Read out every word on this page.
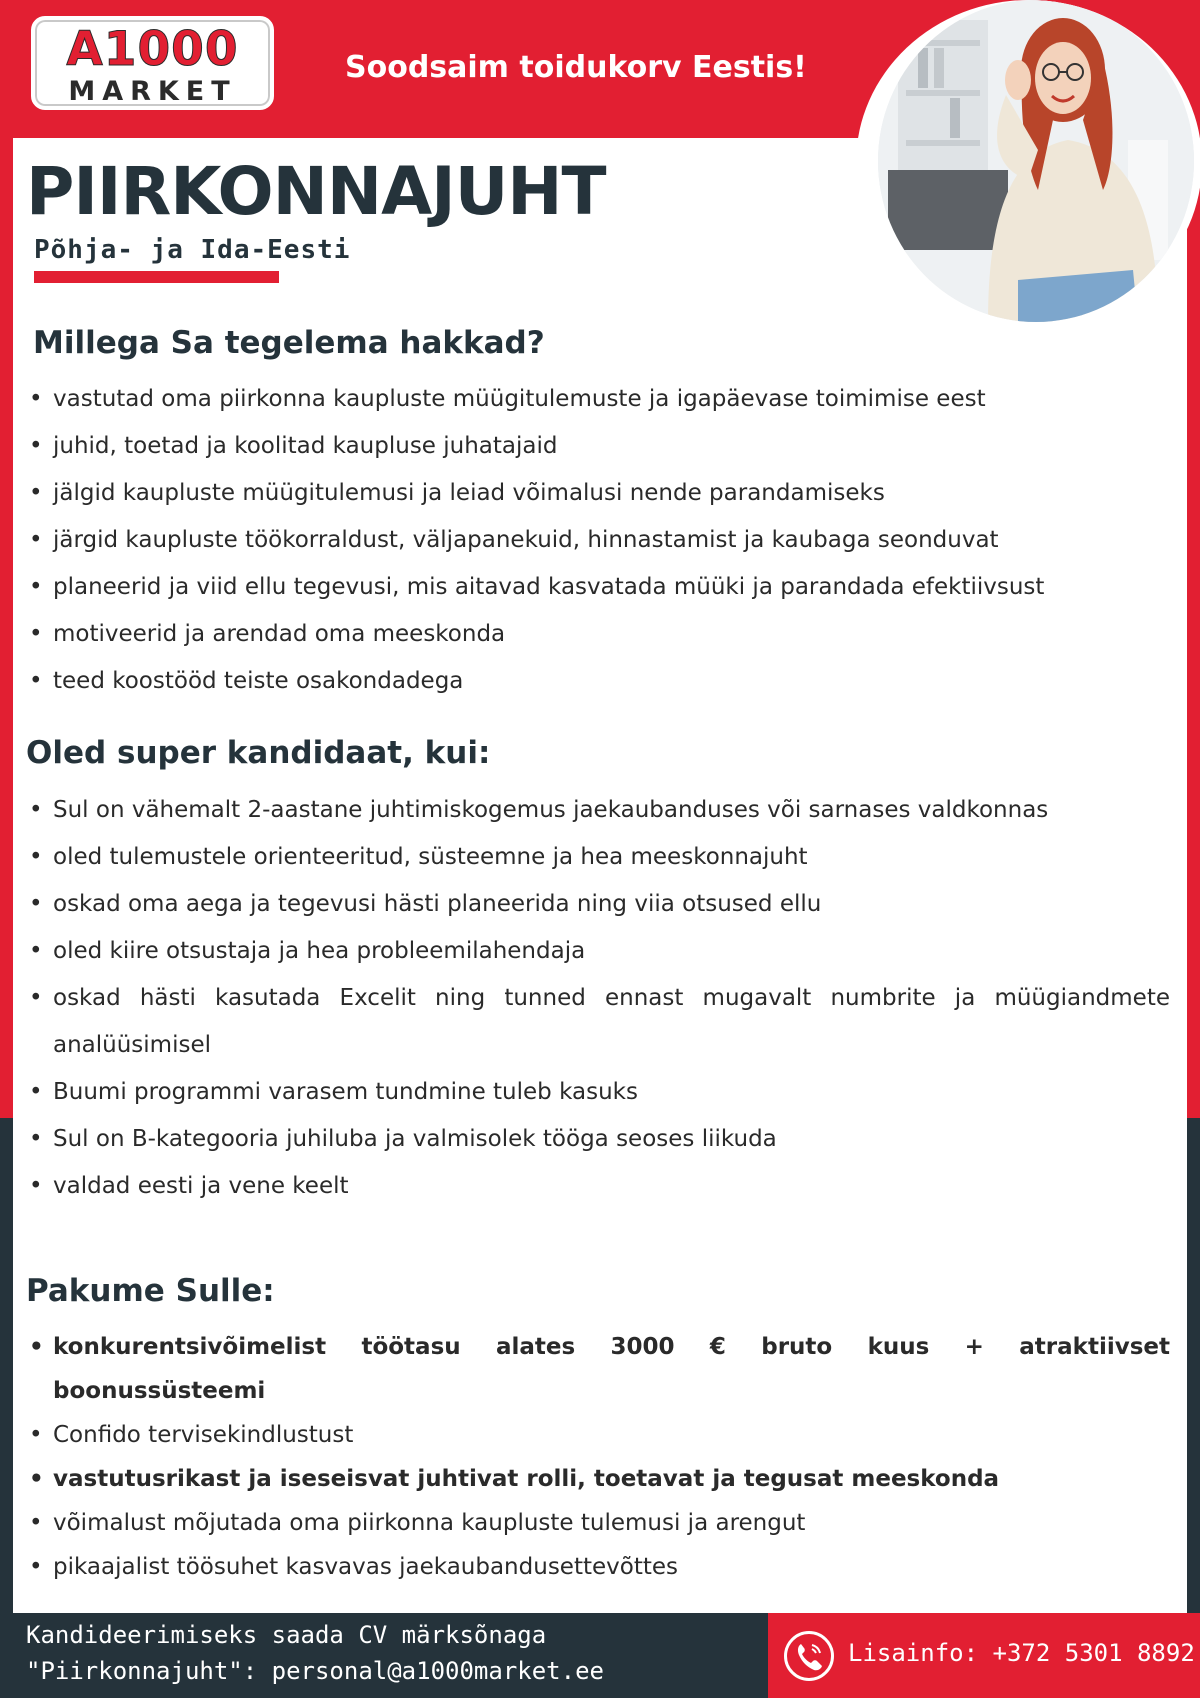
A1000
MARKET
Soodsaim toidukorv Eestis!
PIIRKONNAJUHT
Põhja- ja Ida-Eesti
Millega Sa tegelema hakkad?
• vastutad oma piirkonna kaupluste müügitulemuste ja igapäevase toimimise eest
• juhid, toetad ja koolitad kaupluse juhatajaid
• jälgid kaupluste müügitulemusi ja leiad võimalusi nende parandamiseks
• järgid kaupluste töökorraldust, väljapanekuid, hinnastamist ja kaubaga seonduvat
• planeerid ja viid ellu tegevusi, mis aitavad kasvatada müüki ja parandada efektiivsust
• motiveerid ja arendad oma meeskonda
• teed koostööd teiste osakondadega
Oled super kandidaat, kui:
• Sul on vähemalt 2-aastane juhtimiskogemus jaekaubanduses või sarnases valdkonnas
• oled tulemustele orienteeritud, süsteemne ja hea meeskonnajuht
• oskad oma aega ja tegevusi hästi planeerida ning viia otsused ellu
• oled kiire otsustaja ja hea probleemilahendaja
• oskad hästi kasutada Excelit ning tunned ennast mugavalt numbrite ja müügiandmete analüüsimisel
• Buumi programmi varasem tundmine tuleb kasuks
• Sul on B-kategooria juhiluba ja valmisolek tööga seoses liikuda
• valdad eesti ja vene keelt
Pakume Sulle:
• konkurentsivõimelist töötasu alates 3000 € bruto kuus + atraktiivset boonussüsteemi
• Confido tervisekindlustust
• vastutusrikast ja iseseisvat juhtivat rolli, toetavat ja tegusat meeskonda
• võimalust mõjutada oma piirkonna kaupluste tulemusi ja arengut
• pikaajalist töösuhet kasvavas jaekaubandusettevõttes
Kandideerimiseks saada CV märksõnaga
"Piirkonnajuht": personal@a1000market.ee
Lisainfo: +372 5301 8892
